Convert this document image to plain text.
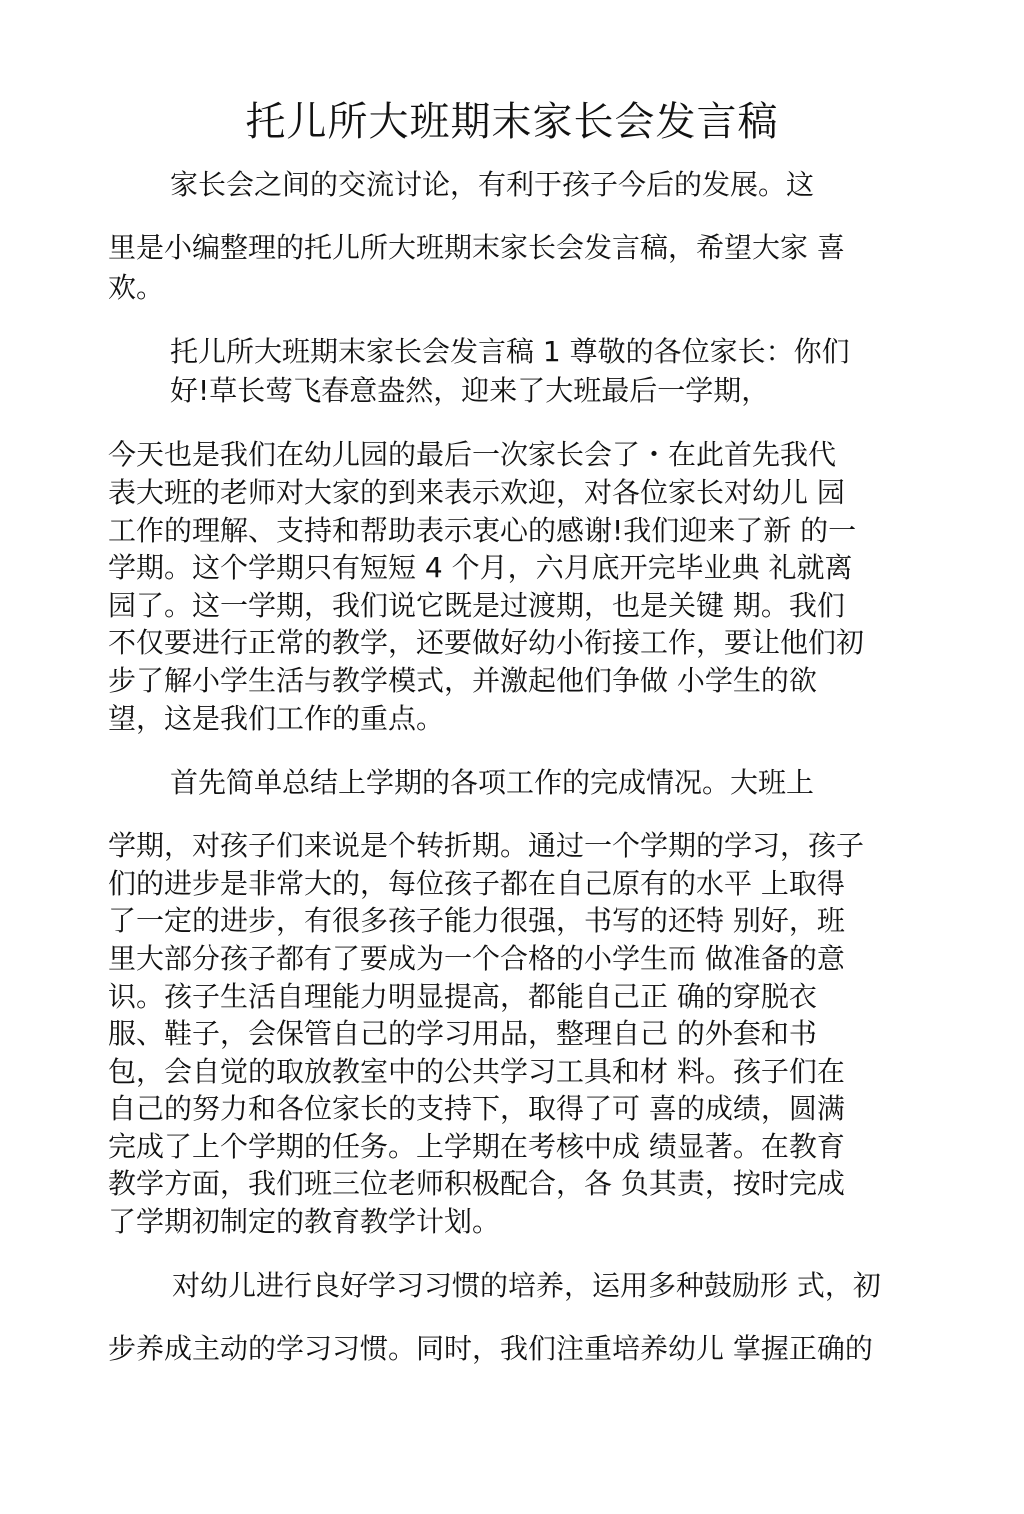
托儿所大班期末家长会发言稿
家长会之间的交流讨论，有利于孩子今后的发展。这
里是小编整理的托儿所大班期末家长会发言稿，希望大家 喜
欢。
托儿所大班期末家长会发言稿 1 尊敬的各位家长：你们
好!草长莺飞春意盎然，迎来了大班最后一学期，
今天也是我们在幼儿园的最后一次家长会了・在此首先我代
表大班的老师对大家的到来表示欢迎，对各位家长对幼儿 园
工作的理解、支持和帮助表示衷心的感谢!我们迎来了新 的一
学期。这个学期只有短短 4 个月，六月底开完毕业典 礼就离
园了。这一学期，我们说它既是过渡期，也是关键 期。我们
不仅要进行正常的教学，还要做好幼小衔接工作，要让他们初
步了解小学生活与教学模式，并激起他们争做 小学生的欲
望，这是我们工作的重点。
首先简单总结上学期的各项工作的完成情况。大班上
学期，对孩子们来说是个转折期。通过一个学期的学习，孩子
们的进步是非常大的，每位孩子都在自己原有的水平 上取得
了一定的进步，有很多孩子能力很强，书写的还特 别好，班
里大部分孩子都有了要成为一个合格的小学生而 做准备的意
识。孩子生活自理能力明显提高，都能自己正 确的穿脱衣
服、鞋子，会保管自己的学习用品，整理自己 的外套和书
包，会自觉的取放教室中的公共学习工具和材 料。孩子们在
自己的努力和各位家长的支持下，取得了可 喜的成绩，圆满
完成了上个学期的任务。上学期在考核中成 绩显著。在教育
教学方面，我们班三位老师积极配合，各 负其责，按时完成
了学期初制定的教育教学计划。
对幼儿进行良好学习习惯的培养，运用多种鼓励形 式，初
步养成主动的学习习惯。同时，我们注重培养幼儿 掌握正确的
